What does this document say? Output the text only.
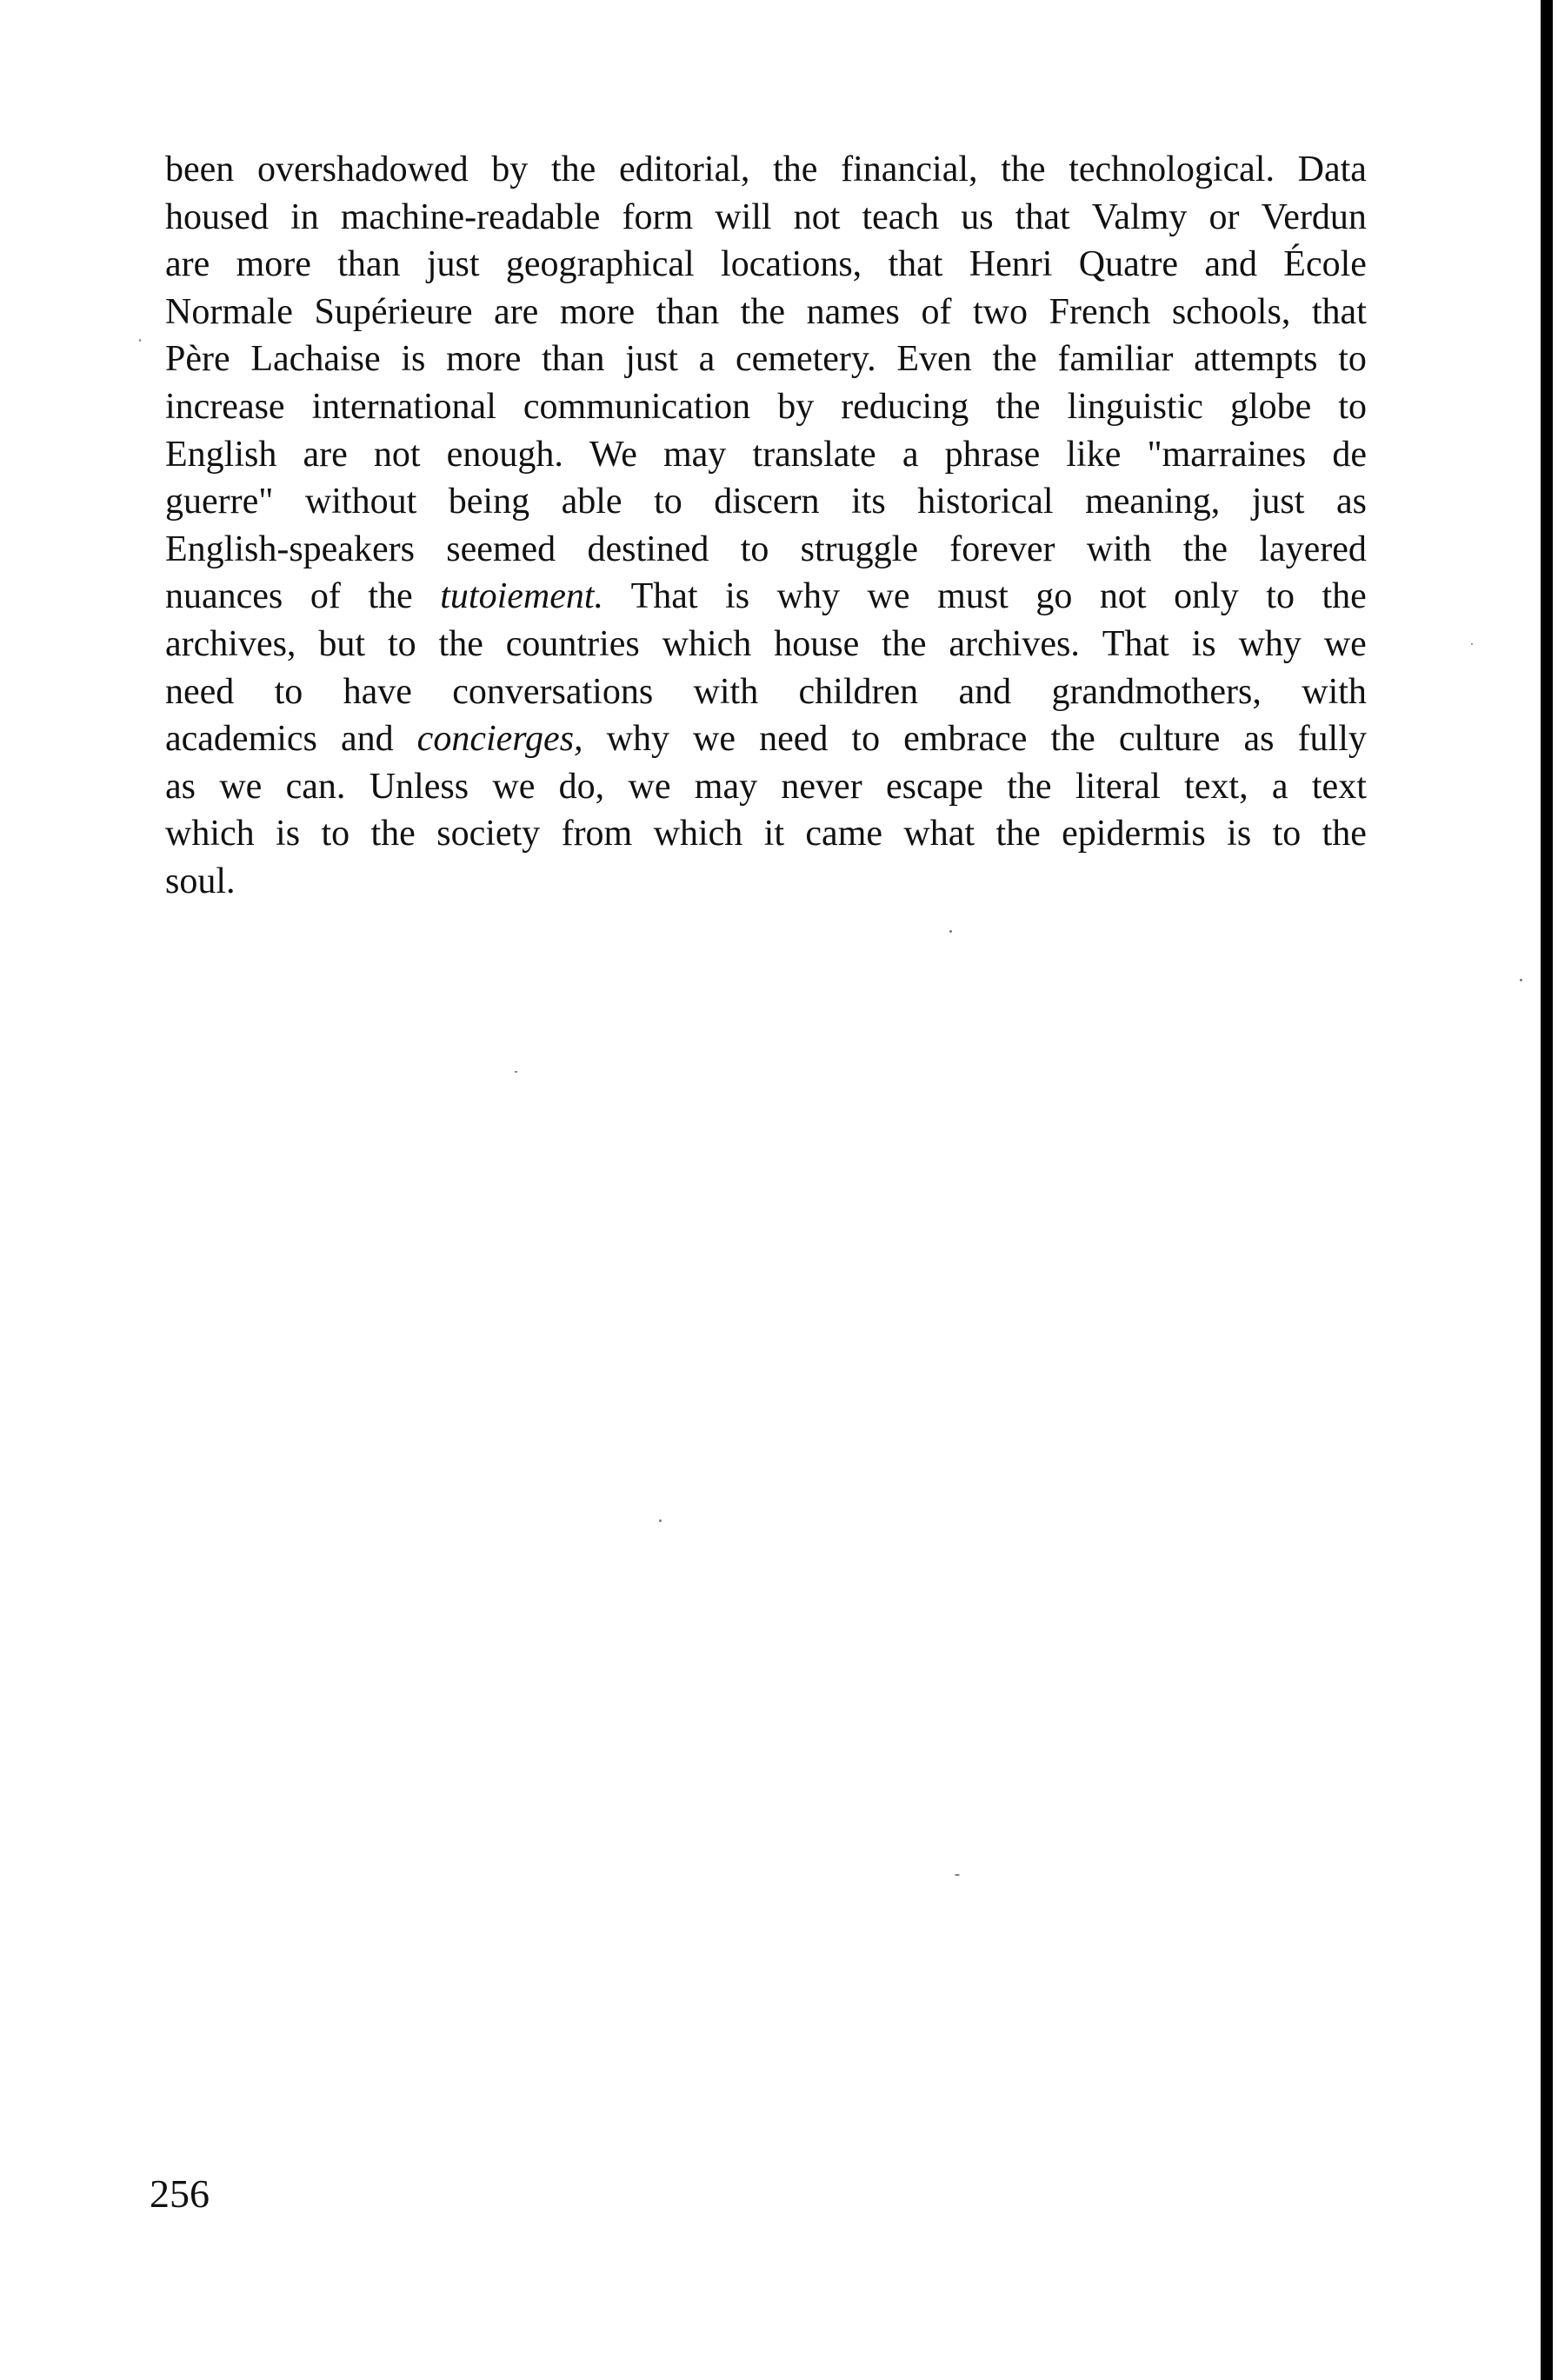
been overshadowed by the editorial, the financial, the technological. Data
housed in machine-readable form will not teach us that Valmy or Verdun
are more than just geographical locations, that Henri Quatre and École
Normale Supérieure are more than the names of two French schools, that
Père Lachaise is more than just a cemetery. Even the familiar attempts to
increase international communication by reducing the linguistic globe to
English are not enough. We may translate a phrase like "marraines de
guerre" without being able to discern its historical meaning, just as
English-speakers seemed destined to struggle forever with the layered
nuances of the tutoiement. That is why we must go not only to the
archives, but to the countries which house the archives. That is why we
need to have conversations with children and grandmothers, with
academics and concierges, why we need to embrace the culture as fully
as we can. Unless we do, we may never escape the literal text, a text
which is to the society from which it came what the epidermis is to the
soul.
256
